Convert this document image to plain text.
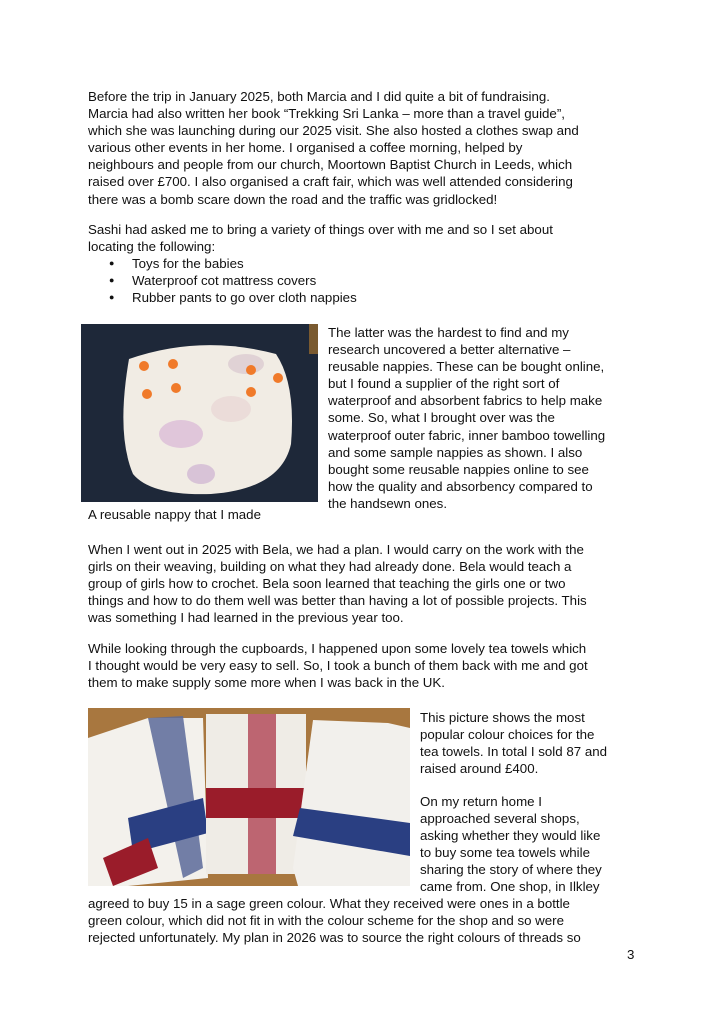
Before the trip in January 2025, both Marcia and I did quite a bit of fundraising.
Marcia had also written her book “Trekking Sri Lanka – more than a travel guide”,
which she was launching during our 2025 visit. She also hosted a clothes swap and
various other events in her home. I organised a coffee morning, helped by
neighbours and people from our church, Moortown Baptist Church in Leeds, which
raised over £700. I also organised a craft fair, which was well attended considering
there was a bomb scare down the road and the traffic was gridlocked!
Sashi had asked me to bring a variety of things over with me and so I set about
locating the following:
● Toys for the babies
● Waterproof cot mattress covers
● Rubber pants to go over cloth nappies
A reusable nappy that I made
The latter was the hardest to find and my
research uncovered a better alternative –
reusable nappies. These can be bought online,
but I found a supplier of the right sort of
waterproof and absorbent fabrics to help make
some. So, what I brought over was the
waterproof outer fabric, inner bamboo towelling
and some sample nappies as shown. I also
bought some reusable nappies online to see
how the quality and absorbency compared to
the handsewn ones.
When I went out in 2025 with Bela, we had a plan. I would carry on the work with the
girls on their weaving, building on what they had already done. Bela would teach a
group of girls how to crochet. Bela soon learned that teaching the girls one or two
things and how to do them well was better than having a lot of possible projects. This
was something I had learned in the previous year too.
While looking through the cupboards, I happened upon some lovely tea towels which
I thought would be very easy to sell. So, I took a bunch of them back with me and got
them to make supply some more when I was back in the UK.
This picture shows the most
popular colour choices for the
tea towels. In total I sold 87 and
raised around £400.
On my return home I
approached several shops,
asking whether they would like
to buy some tea towels while
sharing the story of where they
came from. One shop, in Ilkley
agreed to buy 15 in a sage green colour. What they received were ones in a bottle
green colour, which did not fit in with the colour scheme for the shop and so were
rejected unfortunately. My plan in 2026 was to source the right colours of threads so
3
